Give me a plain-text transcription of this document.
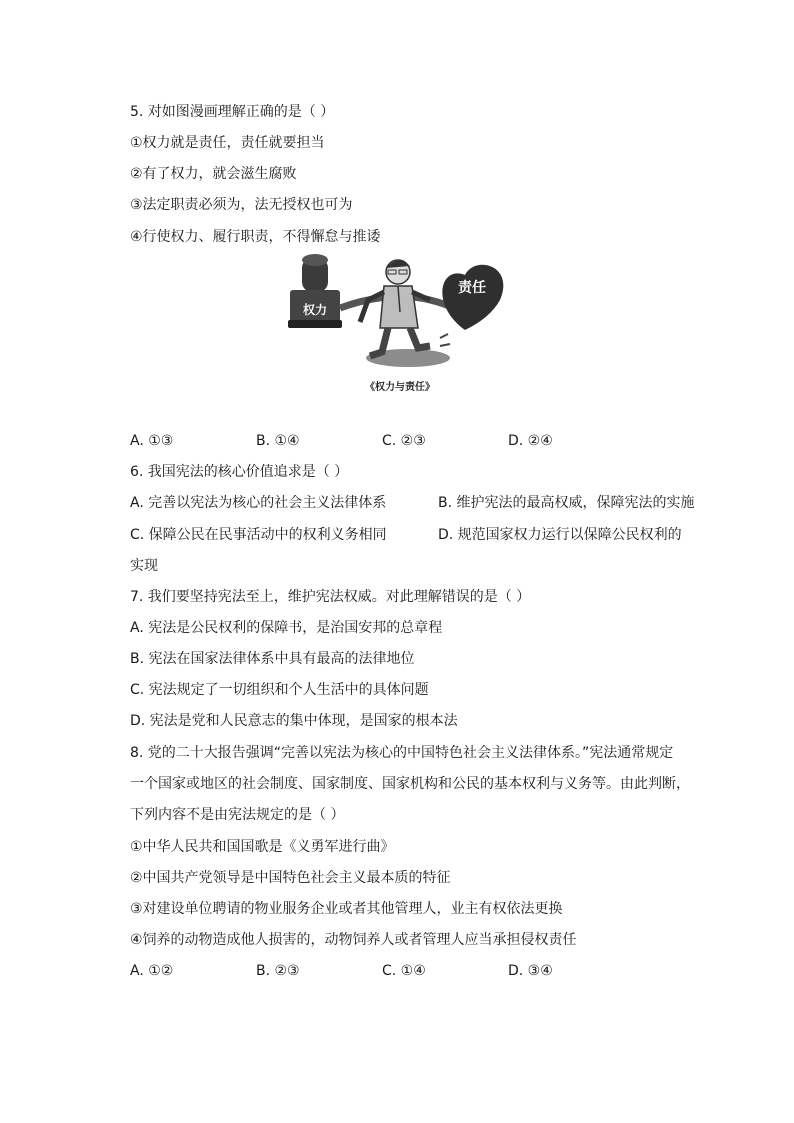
5. 对如图漫画理解正确的是（ ）
①权力就是责任，责任就要担当
②有了权力，就会滋生腐败
③法定职责必须为，法无授权也可为
④行使权力、履行职责，不得懈怠与推诿
权力
责任
《权力与责任》
A. ①③	B. ①④	C. ②③	D. ②④
6. 我国宪法的核心价值追求是（ ）
A. 完善以宪法为核心的社会主义法律体系	B. 维护宪法的最高权威，保障宪法的实施
C. 保障公民在民事活动中的权利义务相同	D. 规范国家权力运行以保障公民权利的
实现
7. 我们要坚持宪法至上，维护宪法权威。对此理解错误的是（ ）
A. 宪法是公民权利的保障书，是治国安邦的总章程
B. 宪法在国家法律体系中具有最高的法律地位
C. 宪法规定了一切组织和个人生活中的具体问题
D. 宪法是党和人民意志的集中体现，是国家的根本法
8. 党的二十大报告强调“完善以宪法为核心的中国特色社会主义法律体系。”宪法通常规定
一个国家或地区的社会制度、国家制度、国家机构和公民的基本权利与义务等。由此判断，
下列内容不是由宪法规定的是（ ）
①中华人民共和国国歌是《义勇军进行曲》
②中国共产党领导是中国特色社会主义最本质的特征
③对建设单位聘请的物业服务企业或者其他管理人，业主有权依法更换
④饲养的动物造成他人损害的，动物饲养人或者管理人应当承担侵权责任
A. ①②	B. ②③	C. ①④	D. ③④
